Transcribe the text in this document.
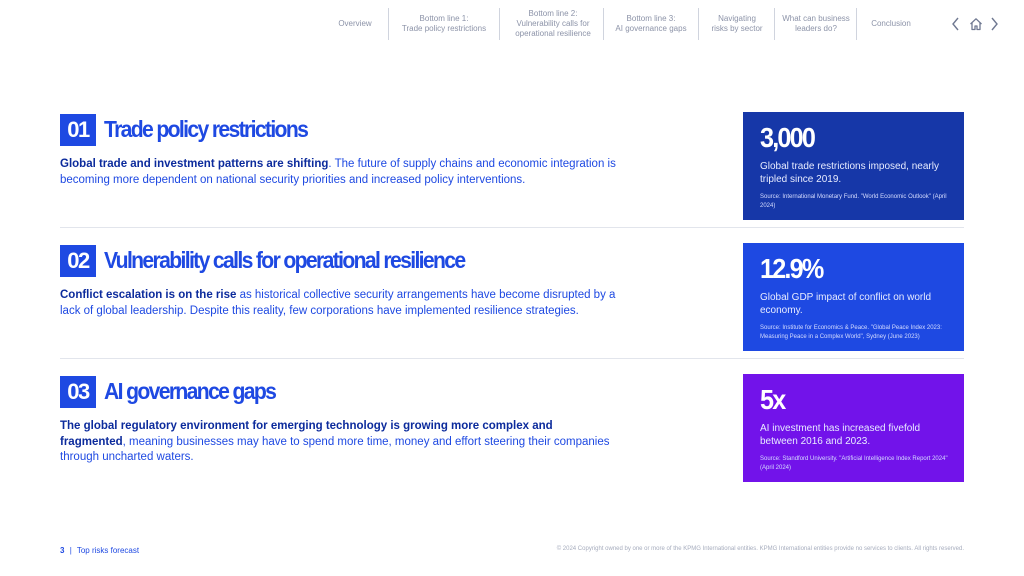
Overview
Bottom line 1:
Trade policy restrictions
Bottom line 2:
Vulnerability calls for
operational resilience
Bottom line 3:
AI governance gaps
Navigating
risks by sector
What can business
leaders do?
Conclusion
01 Trade policy restrictions

Global trade and investment patterns are shifting. The future of supply chains and economic integration is becoming more dependent on national security priorities and increased policy interventions.

02 Vulnerability calls for operational resilience

Conflict escalation is on the rise as historical collective security arrangements have become disrupted by a lack of global leadership. Despite this reality, few corporations have implemented resilience strategies.

03 AI governance gaps

The global regulatory environment for emerging technology is growing more complex and fragmented, meaning businesses may have to spend more time, money and effort steering their companies through uncharted waters.

3,000
Global trade restrictions imposed, nearly tripled since 2019.
Source: International Monetary Fund. "World Economic Outlook" (April 2024)
12.9%
Global GDP impact of conflict on world economy.
Source: Institute for Economics & Peace. "Global Peace Index 2023: Measuring Peace in a Complex World", Sydney (June 2023)
5x
AI investment has increased fivefold between 2016 and 2023.
Source: Standford University. "Artificial Intelligence Index Report 2024" (April 2024)
3 | Top risks forecast	© 2024 Copyright owned by one or more of the KPMG International entities. KPMG International entities provide no services to clients. All rights reserved.
